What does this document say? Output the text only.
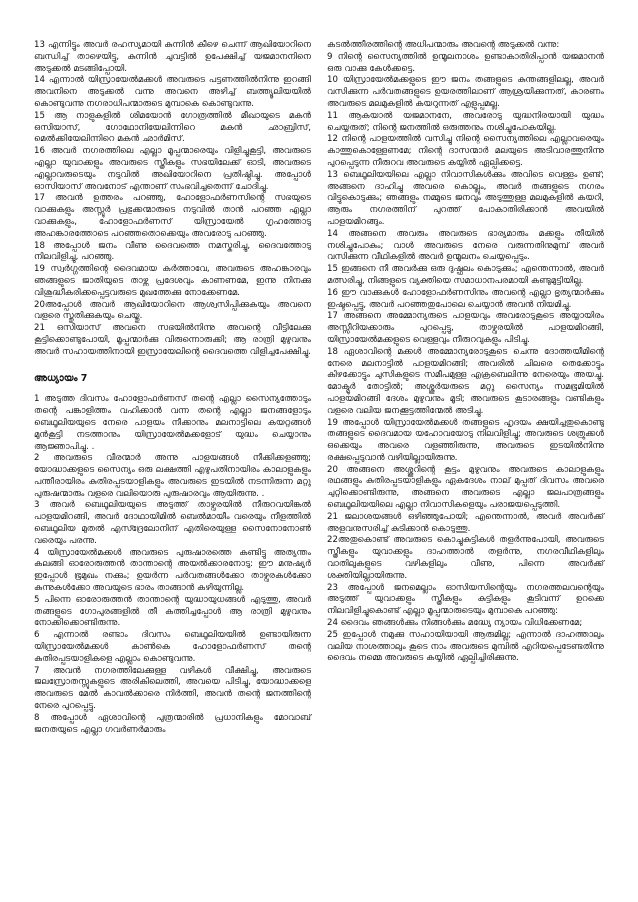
13 എന്നിട്ടും അവർ രഹസ്യമായി കുന്നിൻ കീഴെ ചെന്ന് ആഖിയോറിനെ ബന്ധിച്ച് താഴെയിട്ടു, കുന്നിൻ ചുവട്ടിൽ ഉപേക്ഷിച്ച് യജമാനനിനെ അടുക്കൽ മടങ്ങിപ്പോയി.

14 എന്നാൽ യിസ്രായേൽമക്കൾ അവരുടെ പട്ടണത്തിൽനിന്നു ഇറങ്ങി അവനിനെ അടുക്കൽ വന്നു അവനെ അഴിച്ച് ബത്ത്യൂലിയയിൽ കൊണ്ടുവന്നു നഗരാധിപന്മാരുടെ മുമ്പാകെ കൊണ്ടുവന്നു.

15 ആ നാളുകളിൽ ശിമയോൻ ഗോത്രത്തിൽ മീഖായുടെ മകൻ ഒസിയാസ്, ഗോഥോനിയേലിന്നിറെ മകൻ ഛാബ്രിസ്, മെൽക്കിയേലിന്നിറെ മകൻ ഛാർമിസ്.

16 അവർ നഗരത്തിലെ എല്ലാ മൂപ്പന്മാരെയും വിളിച്ചുകൂട്ടി, അവരുടെ എല്ലാ യുവാക്കളും അവരുടെ സ്ത്രീകളും സഭയിലേക്ക് ഓടി, അവരുടെ എല്ലാവരുടെയും നടുവിൽ അഖിയോറിനെ പ്രതിഷ്ഠിച്ചു. അപ്പോൾ ഓസിയാസ് അവനോട് എന്താണ് സംഭവിച്ചതെന്ന് ചോദിച്ചു.

17 അവൻ ഉത്തരം പറഞ്ഞു, ഹോളോഫർണസിന്റെ സഭയുടെ വാക്കുകളും അസ്സൂർ പ്രഭുക്കന്മാരുടെ നടുവിൽ താൻ പറഞ്ഞ എല്ലാ വാക്കുകളും, ഹോളോഫർണസ് യിസ്രായേൽ ഗൃഹത്തോടു അഹങ്കാരത്തോടെ പറഞ്ഞതൊക്കെയും അവരോടു പറഞ്ഞു.

18 അപ്പോൾ ജനം വീണു ദൈവത്തെ നമസ്കരിച്ചു, ദൈവത്തോടു നിലവിളിച്ചു, പറഞ്ഞു.

19 സ്വർഗ്ഗത്തിന്റെ ദൈവമായ കർത്താവേ, അവരുടെ അഹങ്കാരവും ഞങ്ങളുടെ ജാതിയുടെ താഴ്ന്ന പ്രദേശവും കാണണമേ, ഇന്നു നിനക്കു വിശുദ്ധീകരിക്കപ്പെട്ടവരുടെ മുഖത്തേക്കു നോക്കേണമേ.

20അപ്പോൾ അവർ ആഖിയോറിനെ ആശ്വസിപ്പിക്കുകയും അവനെ വളരെ സ്തുതിക്കുകയും ചെയ്തു.

21 ഒസിയാസ് അവനെ സഭയിൽനിന്നു അവന്റെ വീട്ടിലേക്കു കൂട്ടിക്കൊണ്ടുപോയി, മൂപ്പന്മാർക്കു വിരുന്നൊരുക്കി; ആ രാത്രി മുഴുവനും അവർ സഹായത്തിനായി ഇസ്രായേലിന്റെ ദൈവത്തെ വിളിച്ചപേക്ഷിച്ചു.

അധ്യായം 7

1 അടുത്ത ദിവസം ഹോളോഫർണസ് തന്റെ എല്ലാ സൈന്യത്തോടും തന്റെ പങ്കാളിത്തം വഹിക്കാൻ വന്ന തന്റെ എല്ലാ ജനങ്ങളോടും ബെഥൂലിയയുടെ നേരെ പാളയം നീക്കാനും മലനാട്ടിലെ കയറ്റങ്ങൾ മുൻകൂട്ടി നടത്താനും യിസ്രായേൽമക്കളോട് യുദ്ധം ചെയ്യാനും ആജ്ഞാപിച്ചു. .

2 അവരുടെ വീരന്മാർ അന്നു പാളയങ്ങൾ നീക്കിക്കളഞ്ഞു; യോദ്ധാക്കളുടെ സൈന്യം ഒരു ലക്ഷത്തി എഴുപതിനായിരം കാലാളുകളും പന്തീരായിരം കുതിരപ്പടയാളികളും അവരുടെ ഇടയിൽ നടന്നിരുന്ന മറ്റു പുരുഷന്മാരും വളരെ വലിയൊരു പുരുഷാരവും ആയിരുന്നു. .

3 അവർ ബെഥൂലിയയുടെ അടുത്ത് താഴ്വരയിൽ നീരുറവയിങ്കൽ പാളയമിറങ്ങി, അവർ ദോഥായിമിൽ ബെൽമായീം വരെയും നീളത്തിൽ ബെഥൂലിയ മുതൽ എസ്ദ്രേലോനിന് എതിരെയുള്ള സൈനോനോൺ വരെയും പരന്നു.

4 യിസ്രായേൽമക്കൾ അവരുടെ പുരുഷാരത്തെ കണ്ടിട്ടു അത്യന്തം കലങ്ങി ഓരോരുത്തൻ താന്താന്റെ അയൽക്കാരനോടു: ഈ മനുഷ്യർ ഇപ്പോൾ ഭൂമുഖം നക്കും; ഉയർന്ന പർവതങ്ങൾക്കോ താഴ്വരകൾക്കോ കുന്നുകൾക്കോ അവയുടെ ഭാരം താങ്ങാൻ കഴിയുന്നില്ല.

5 പിന്നെ ഓരോരുത്തൻ താന്താന്റെ യുദ്ധായുധങ്ങൾ എടുത്തു, അവർ തങ്ങളുടെ ഗോപുരങ്ങളിൽ തീ കത്തിച്ചപ്പോൾ ആ രാത്രി മുഴുവനും നോക്കിക്കൊണ്ടിരുന്നു.

6 എന്നാൽ രണ്ടാം ദിവസം ബെഥൂലിയയിൽ ഉണ്ടായിരുന്ന യിസ്രായേൽമക്കൾ കാൺകെ ഹോളോഫർണസ് തന്റെ കുതിരപ്പടയാളികളെ എല്ലാം കൊണ്ടുവന്നു.

7 അവൻ നഗരത്തിലേക്കുള്ള വഴികൾ വീക്ഷിച്ചു, അവരുടെ ജലസ്രോതസ്സുകളുടെ അരികിലെത്തി, അവയെ പിടിച്ചു, യോദ്ധാക്കളെ അവരുടെ മേൽ കാവൽക്കാരെ നിർത്തി, അവൻ തന്റെ ജനത്തിന്റെ നേരെ പുറപ്പെട്ടു.

8 അപ്പോൾ ഏശാവിന്റെ പുത്രന്മാരിൽ പ്രധാനികളും മോവാബ് ജനതയുടെ എല്ലാ ഗവർണർമാരും

കടൽത്തീരത്തിന്റെ അധിപന്മാരും അവന്റെ അടുക്കൽ വന്നു:

9 നിന്റെ സൈന്യത്തിൽ ഉന്മൂലനാശം ഉണ്ടാകാതിരിപ്പാൻ യജമാനൻ ഒരു വാക്കു കേൾക്കട്ടെ.

10 യിസ്രായേൽമക്കളുടെ ഈ ജനം തങ്ങളുടെ കുന്തങ്ങളിലല്ല, അവർ വസിക്കുന്ന പർവതങ്ങളുടെ ഉയരത്തിലാണ് ആശ്രയിക്കുന്നത്, കാരണം അവരുടെ മലമുകളിൽ കയറുന്നത് എളുപ്പമല്ല.

11 ആകയാൽ യജമാനനേ, അവരോടു യുദ്ധനിരയായി യുദ്ധം ചെയ്യരുത്; നിന്റെ ജനത്തിൽ ഒരുത്തനും നശിച്ചുപോകയില്ല.

12 നിന്റെ പാളയത്തിൽ വസിച്ചു നിന്റെ സൈന്യത്തിലെ എല്ലാവരെയും കാത്തുകൊള്ളേണമേ; നിന്റെ ദാസന്മാർ മലയുടെ അടിവാരത്തുനിന്നു പുറപ്പെടുന്ന നീരുറവ അവരുടെ കയ്യിൽ ഏല്പിക്കട്ടെ.

13 ബെഥൂലിയയിലെ എല്ലാ നിവാസികൾക്കും അവിടെ വെള്ളം ഉണ്ട്; അങ്ങനെ ദാഹിച്ചു അവരെ കൊല്ലും, അവർ തങ്ങളുടെ നഗരം വിട്ടുകൊടുക്കും; ഞങ്ങളും നമ്മുടെ ജനവും അടുത്തുള്ള മലമുകളിൽ കയറി, ആരും നഗരത്തിന് പുറത്ത് പോകാതിരിക്കാൻ അവയിൽ പാളയമിറങ്ങും.

14 അങ്ങനെ അവരും അവരുടെ ഭാര്യമാരും മക്കളും തീയിൽ നശിച്ചുപോകും; വാൾ അവരുടെ നേരെ വരുന്നതിനുമുമ്പ് അവർ വസിക്കുന്ന വീഥികളിൽ അവർ ഉന്മൂലനം ചെയ്യപ്പെടും.

15 ഇങ്ങനെ നീ അവർക്കു ഒരു ദുഷ്ഫലം കൊടുക്കും; എന്തെന്നാൽ, അവർ മത്സരിച്ചു, നിങ്ങളുടെ വ്യക്തിയെ സമാധാനപരമായി കണ്ടുമുട്ടിയില്ല.

16 ഈ വാക്കുകൾ ഹോളോഫർണസിനും അവന്റെ എല്ലാ ഭൃത്യന്മാർക്കും ഇഷ്ടപ്പെട്ടു, അവർ പറഞ്ഞതുപോലെ ചെയ്യാൻ അവൻ നിയമിച്ചു.

17 അങ്ങനെ അമ്മോന്യരുടെ പാളയവും അവരോടുകൂടെ അയ്യായിരം അസ്സീറിയക്കാരും പുറപ്പെട്ടു, താഴ്വരയിൽ പാളയമിറങ്ങി, യിസ്രായേൽമക്കളുടെ വെള്ളവും നീരുറവുകളും പിടിച്ചു.

18 ഏശാവിന്റെ മക്കൾ അമ്മോന്യരോടുകൂടെ ചെന്നു ദോത്തയീമിന്റെ നേരെ മലനാട്ടിൽ പാളയമിറങ്ങി; അവരിൽ ചിലരെ തെക്കോട്ടും കിഴക്കോട്ടും ചുസികളുടെ സമീപമുള്ള എക്രബെലിന്നു നേരെയും അയച്ചു. മോക്മൂർ തോട്ടിൽ; അശ്ശൂർയരുടെ മറ്റു സൈന്യം സമഭൂമിയിൽ പാളയമിറങ്ങി ദേശം മുഴുവനും മൂടി; അവരുടെ കൂടാരങ്ങളും വണ്ടികളും വളരെ വലിയ ജനക്കൂട്ടത്തിന്മേൽ അടിച്ചു.

19 അപ്പോൾ യിസ്രായേൽമക്കൾ തങ്ങളുടെ ഹൃദയം ക്ഷയിച്ചതുകൊണ്ടു തങ്ങളുടെ ദൈവമായ യഹോവയോടു നിലവിളിച്ചു; അവരുടെ ശത്രുക്കൾ ഒക്കെയും അവരെ വളഞ്ഞിരുന്നു, അവരുടെ ഇടയിൽനിന്നു രക്ഷപ്പെടുവാൻ വഴിയില്ലായിരുന്നു.

20 അങ്ങനെ അശ്ശൂറിന്റെ കൂട്ടം മുഴുവനും അവരുടെ കാലാളുകളും രഥങ്ങളും കുതിരപ്പടയാളികളും ഏകദേശം നാല് മുപ്പത് ദിവസം അവരെ ചുറ്റിക്കൊണ്ടിരുന്നു, അങ്ങനെ അവരുടെ എല്ലാ ജലപാത്രങ്ങളും ബെഥൂലിയയിലെ എല്ലാ നിവാസികളെയും പരാജയപ്പെടുത്തി.

21 ജലാശയങ്ങൾ ഒഴിഞ്ഞുപോയി; എന്തെന്നാൽ, അവർ അവർക്ക് അളവനുസരിച്ച് കുടിക്കാൻ കൊടുത്തു.

22അതുകൊണ്ട് അവരുടെ കൊച്ചുകുട്ടികൾ തളർന്നുപോയി, അവരുടെ സ്ത്രീകളും യുവാക്കളും ദാഹത്താൽ തളർന്നു, നഗരവീഥികളിലും വാതിലുകളുടെ വഴികളിലും വീണു, പിന്നെ അവർക്ക് ശക്തിയില്ലായിരുന്നു.

23 അപ്പോൾ ജനമെല്ലാം ഓസിയസിന്റെയും നഗരത്തലവന്റെയും അടുത്ത് യുവാക്കളും സ്ത്രീകളും കുട്ടികളും കൂടിവന്ന് ഉറക്കെ നിലവിളിച്ചുകൊണ്ട് എല്ലാ മൂപ്പന്മാരുടെയും മുമ്പാകെ പറഞ്ഞു:

24 ദൈവം ഞങ്ങൾക്കും നിങ്ങൾക്കും മദ്ധ്യേ ന്യായം വിധിക്കേണമേ;

25 ഇപ്പോൾ നമുക്കു സഹായിയായി ആരുമില്ല; എന്നാൽ ദാഹത്താലും വലിയ നാശത്താലും കൂടെ നാം അവരുടെ മുമ്പിൽ എറിയപ്പെടേണ്ടതിന്നു ദൈവം നമ്മെ അവരുടെ കയ്യിൽ ഏല്പിച്ചിരിക്കുന്നു.
